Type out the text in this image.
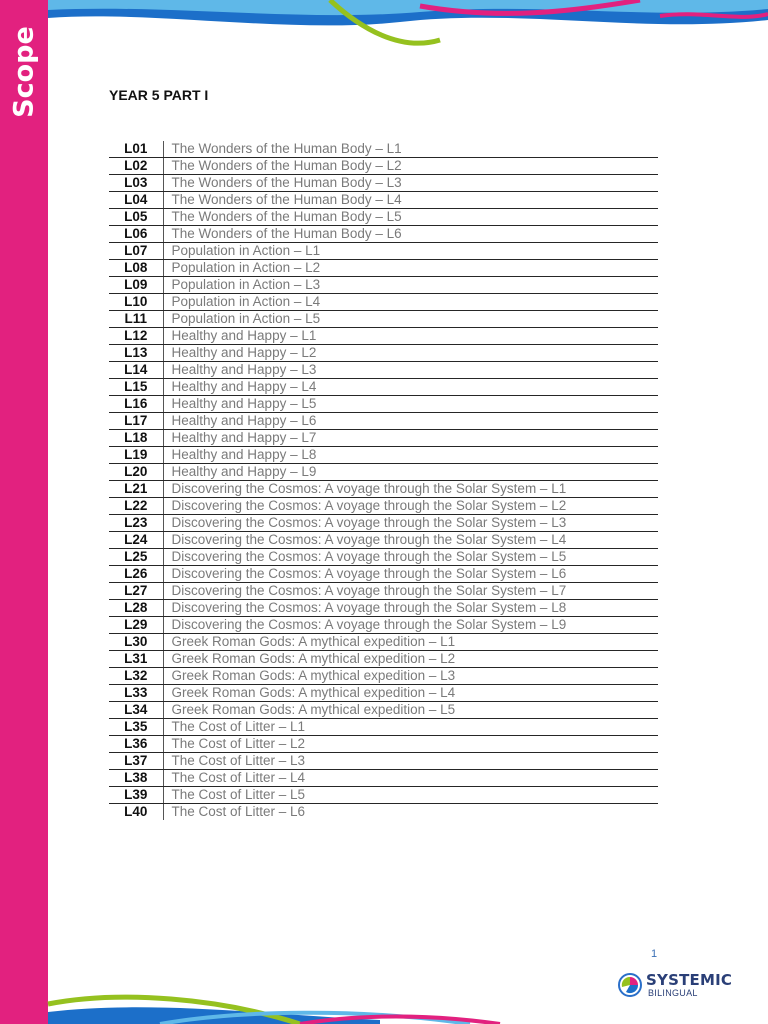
Scope	YEAR 5 PART I
L01	The Wonders of the Human Body – L1
L02	The Wonders of the Human Body – L2
L03	The Wonders of the Human Body – L3
L04	The Wonders of the Human Body – L4
L05	The Wonders of the Human Body – L5
L06	The Wonders of the Human Body – L6
L07	Population in Action – L1
L08	Population in Action – L2
L09	Population in Action – L3
L10	Population in Action – L4
L11	Population in Action – L5
L12	Healthy and Happy – L1
L13	Healthy and Happy – L2
L14	Healthy and Happy – L3
L15	Healthy and Happy – L4
L16	Healthy and Happy – L5
L17	Healthy and Happy – L6
L18	Healthy and Happy – L7
L19	Healthy and Happy – L8
L20	Healthy and Happy – L9
L21	Discovering the Cosmos: A voyage through the Solar System – L1
L22	Discovering the Cosmos: A voyage through the Solar System – L2
L23	Discovering the Cosmos: A voyage through the Solar System – L3
L24	Discovering the Cosmos: A voyage through the Solar System – L4
L25	Discovering the Cosmos: A voyage through the Solar System – L5
L26	Discovering the Cosmos: A voyage through the Solar System – L6
L27	Discovering the Cosmos: A voyage through the Solar System – L7
L28	Discovering the Cosmos: A voyage through the Solar System – L8
L29	Discovering the Cosmos: A voyage through the Solar System – L9
L30	Greek Roman Gods: A mythical expedition – L1
L31	Greek Roman Gods: A mythical expedition – L2
L32	Greek Roman Gods: A mythical expedition – L3
L33	Greek Roman Gods: A mythical expedition – L4
L34	Greek Roman Gods: A mythical expedition – L5
L35	The Cost of Litter – L1
L36	The Cost of Litter – L2
L37	The Cost of Litter – L3
L38	The Cost of Litter – L4
L39	The Cost of Litter – L5
L40	The Cost of Litter – L6
1
SYSTEMIC
BILINGUAL
